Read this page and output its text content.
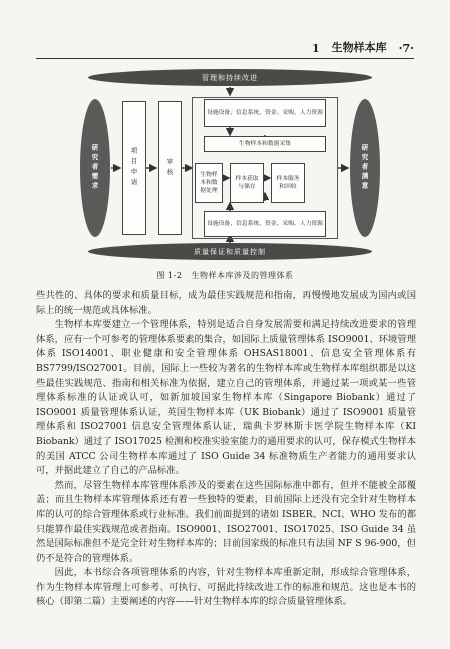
1 生物样本库 ·7·
管理和持续改进
质量保证和质量控制
研究者需求	研究者满意
项目申请	审核
设施设备、信息系统、资金、采购、人力资源
生物样本和数据采集
生物样本和数据处理
样本获取与储存
样本服务和回收
设施设备、信息系统、资金、采购、人力资源
图 1-2 生物样本库涉及的管理体系

些共性的、具体的要求和质量目标，成为最佳实践规范和指南，再慢慢地发展成为国内或国际上的统一规范或具体标准。

生物样本库要建立一个管理体系，特别是适合自身发展需要和满足持续改进要求的管理体系，应有一个可参考的管理体系要素的集合，如国际上质量管理体系 ISO9001、环境管理体系 ISO14001、职业健康和安全管理体系 OHSAS18001、信息安全管理体系有 BS7799/ISO27001。目前，国际上一些较为著名的生物样本库或生物样本库组织都是以这些最佳实践规范、指南和相关标准为依据，建立自己的管理体系，并通过某一项或某一些管理体系标准的认证或认可，如新加坡国家生物样本库（Singapore Biobank）通过了 ISO9001 质量管理体系认证，英国生物样本库（UK Biobank）通过了 ISO9001 质量管理体系和 ISO27001 信息安全管理体系认证，瑞典卡罗林斯卡医学院生物样本库（KI Biobank）通过了 ISO17025 检测和校准实验室能力的通用要求的认可，保存模式生物样本的美国 ATCC 公司生物样本库通过了 ISO Guide 34 标准物质生产者能力的通用要求认可，并据此建立了自己的产品标准。

然而，尽管生物样本库管理体系涉及的要素在这些国际标准中都有，但并不能被全部覆盖；而且生物样本库管理体系还有着一些独特的要素，目前国际上还没有完全针对生物样本库的认可的综合管理体系或行业标准。我们前面提到的诸如 ISBER、NCI、WHO 发布的都只能算作最佳实践规范或者指南。ISO9001、ISO27001、ISO17025、ISO Guide 34 虽然是国际标准但不是完全针对生物样本库的；目前国家级的标准只有法国 NF S 96-900，但仍不是符合的管理体系。

因此，本书综合各项管理体系的内容，针对生物样本库重新定制，形成综合管理体系，作为生物样本库管理上可参考、可执行、可据此持续改进工作的标准和规范。这也是本书的核心（即第二篇）主要阐述的内容——针对生物样本库的综合质量管理体系。
